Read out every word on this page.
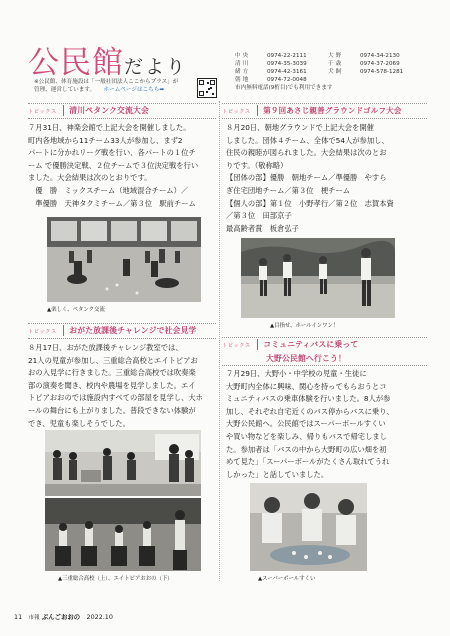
公民館だより
※公民館、体育施設は「一般社団法人ここからプラス」が
管理、運営しています。　　 ホームページはこちら➡
中央	0974-22-2111	大野	0974-34-2130
清川	0974-35-3039	千歳	0974-37-2069
緒方	0974-42-3161	犬飼	0974-578-1281
朝地	0974-72-0048
市内無料電話(9桁目)でも利用できます
トピックス 清川ペタンク交流大会

７月31日、神楽会館で上記大会を開催しました。

町内各地域から11チーム33人が参加し、まず2

パートに分かれリーグ戦を行い、各パートの１位チ

ーム で優勝決定戦、２位チームで３位決定戦を行い

ました。大会結果は次のとおりです。

　優　勝　ミックスチーム（地域混合チーム）／

　準優勝　天神タクミチーム／第３位　駅前チーム

▲楽しく、ペタンク交流
トピックス 第９回あさじ親善グラウンドゴルフ大会

８月20日、朝地グラウンドで上記大会を開催

しました。団体４チーム、全体で54人が参加し、

住民の親睦が図られました。大会結果は次のとお

りです。（敬称略）

【団体の部】優勝　朝地チーム／準優勝　やすら

ぎ住宅団地チーム／第３位　梗チーム

【個人の部】第１位　小野孝行／第２位　志賀本資

／第３位　田部京子

最高齢者賞　板倉弘子

▲目指せ、ホールインワン！
トピックス おがた放課後チャレンジで社会見学

８月17日、おがた放課後チャレンジ教室では、

21人の児童が参加し、三重総合高校とエイトピアお

おの入見学に行きました。三重総合高校では吹奏楽

部の演奏を聞き、校内や農場を見学しました。エイ

トピアおおのでは施設内すべての部屋を見学し、大ホ

ールの舞台にも上がりました。普段できない体験が

でき、児童も楽しそうでした。

▲三重総合高校（上）、エイトピアおおの（下）
トピックス コミュニティバスに乗って
大野公民館へ行こう！

７月29日、大野小・中学校の児童・生徒に

大野町内全体に興味、関心を持ってもらおうとコ

ミュニティバスの乗車体験を行いました。8人が参

加し、それぞれ自宅近くのバス停からバスに乗り、

大野公民館へ。公民館ではスーパーボールすくい

や買い物などを楽しみ、帰りもバスで帰宅しまし

た。参加者は「バスの中から大野町の広い畑を初

めて見た」「スーパーボールがたくさん取れてうれ

しかった」と話していました。

▲スーパーボールすくい
11　 市報 ぶんごおおの　 2022.10
